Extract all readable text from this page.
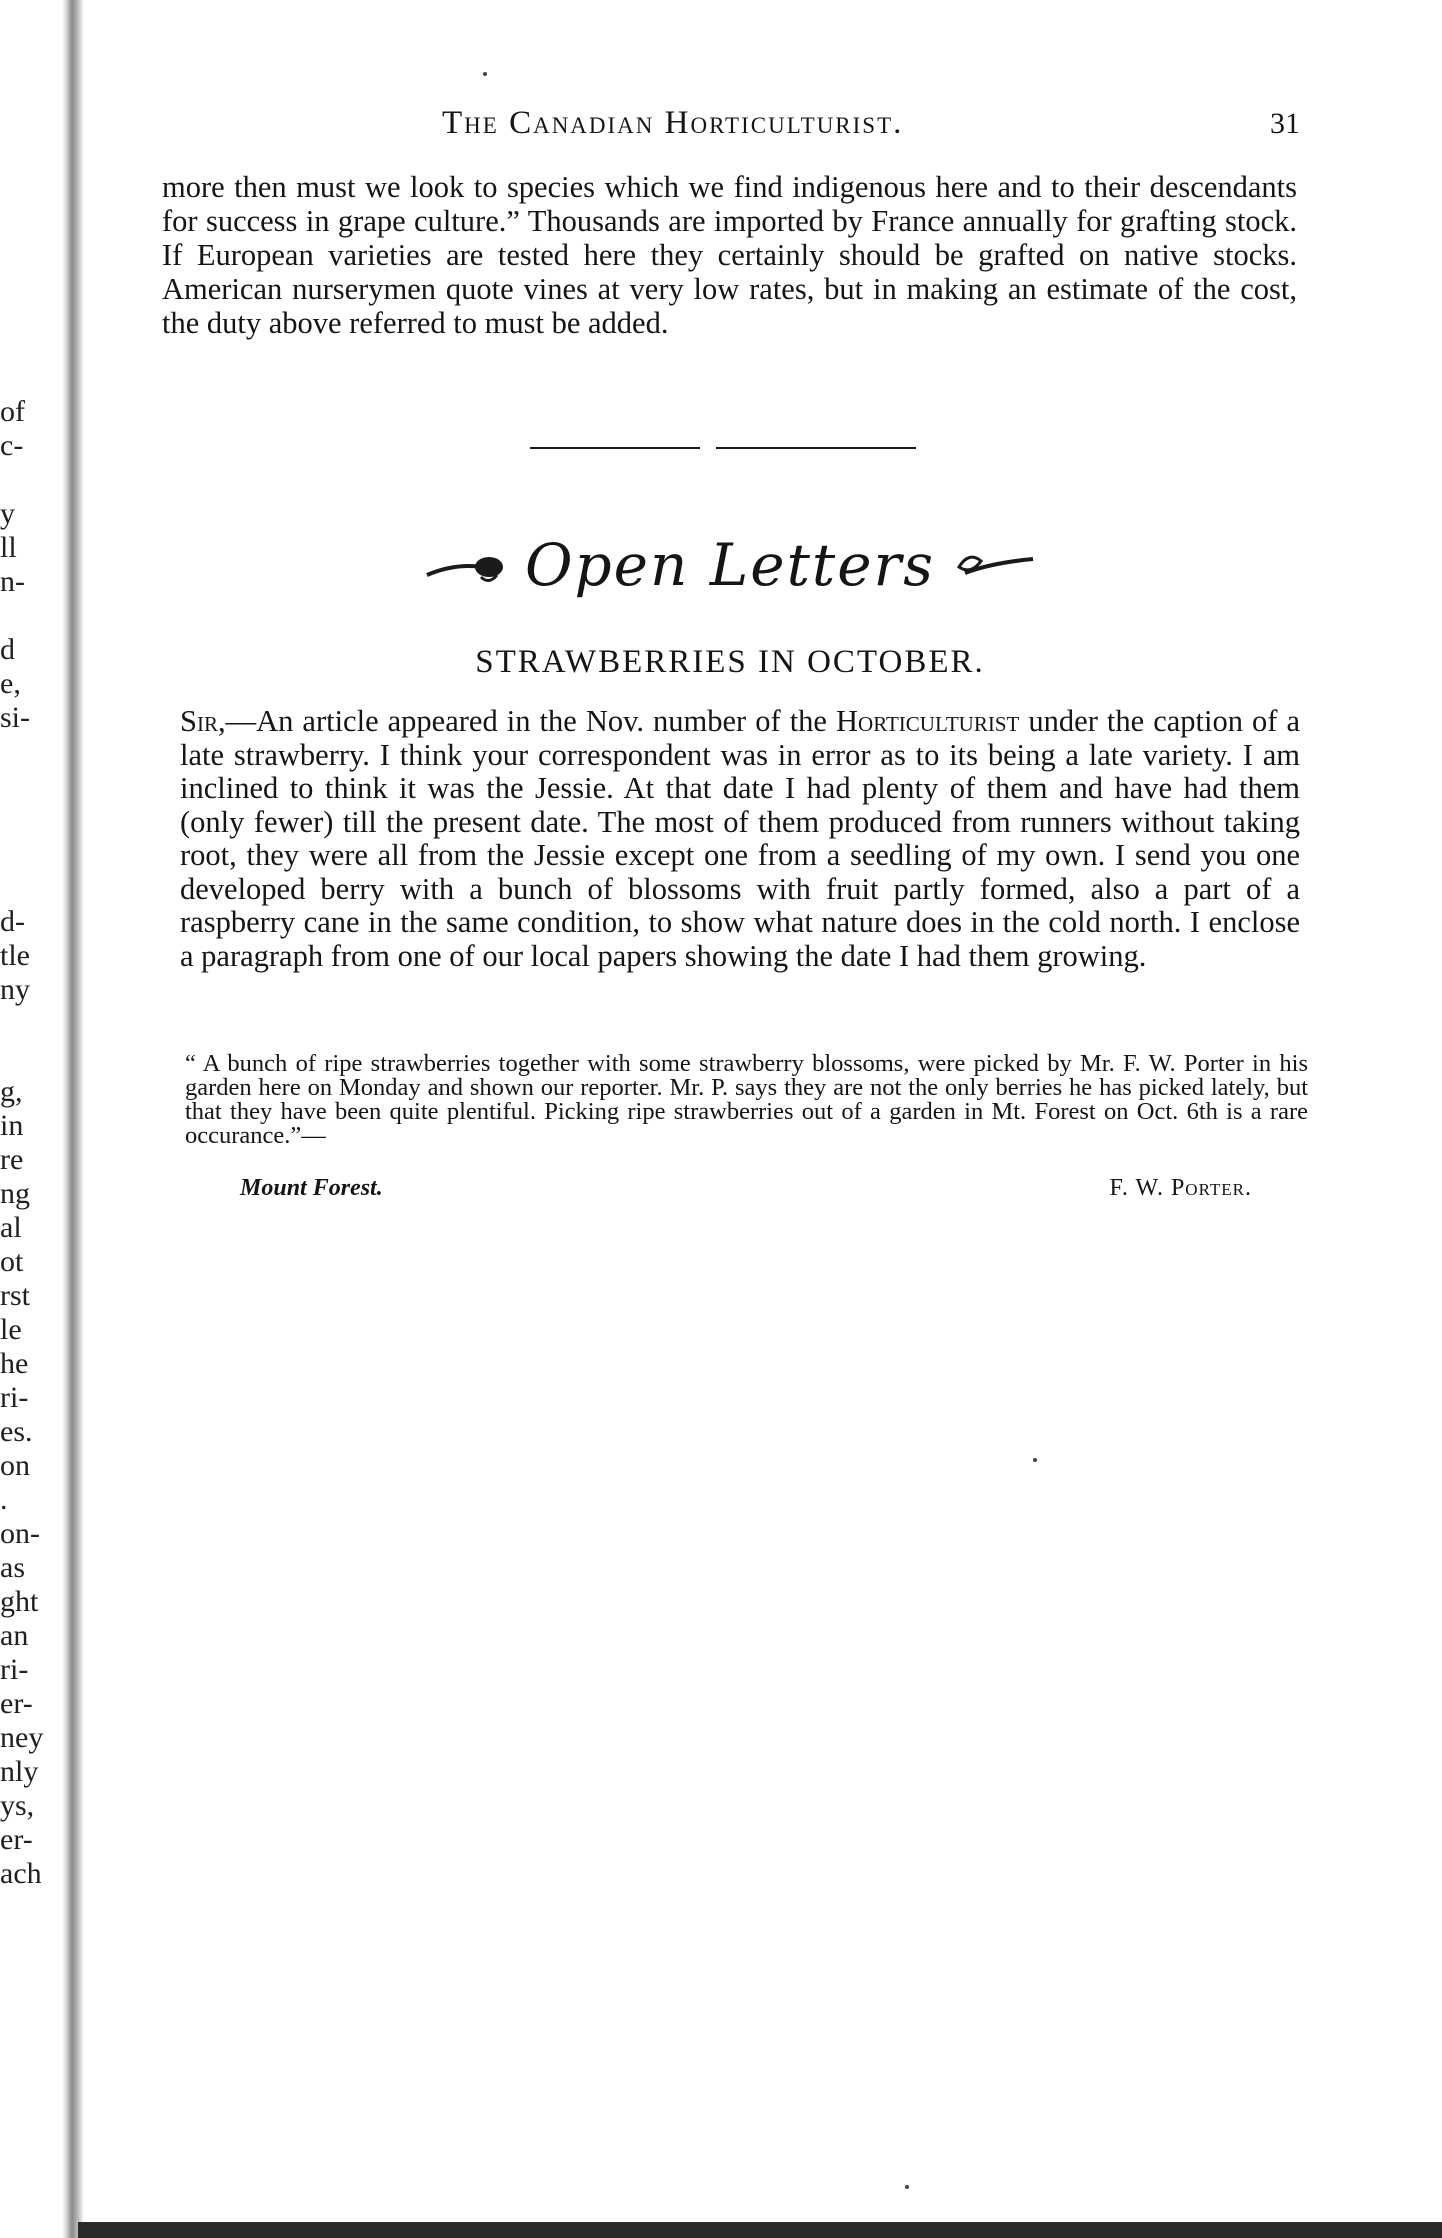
of
c-
y
ll
n-
d
e,
si-
d-
tle
ny
g,
in
re
ng
al
ot
rst
le
he
ri-
es.
on
.
on-
as
ght
an
ri-
er-
ney
nly
ys,
er-
ach
The Canadian Horticulturist.	31

more then must we look to species which we find indigenous here and to their descendants for success in grape culture.” Thousands are imported by France annually for grafting stock. If European varieties are tested here they certainly should be grafted on native stocks. American nurserymen quote vines at very low rates, but in making an estimate of the cost, the duty above referred to must be added.

Open Letters
STRAWBERRIES IN OCTOBER.

Sir,—An article appeared in the Nov. number of the Horticulturist under the caption of a late strawberry. I think your correspondent was in error as to its being a late variety. I am inclined to think it was the Jessie. At that date I had plenty of them and have had them (only fewer) till the present date. The most of them produced from runners without taking root, they were all from the Jessie except one from a seedling of my own. I send you one developed berry with a bunch of blossoms with fruit partly formed, also a part of a raspberry cane in the same condition, to show what nature does in the cold north. I enclose a paragraph from one of our local papers showing the date I had them growing.

“ A bunch of ripe strawberries together with some strawberry blossoms, were picked by Mr. F. W. Porter in his garden here on Monday and shown our reporter. Mr. P. says they are not the only berries he has picked lately, but that they have been quite plentiful. Picking ripe strawberries out of a garden in Mt. Forest on Oct. 6th is a rare occurance.”—

Mount Forest.	F. W. Porter.
